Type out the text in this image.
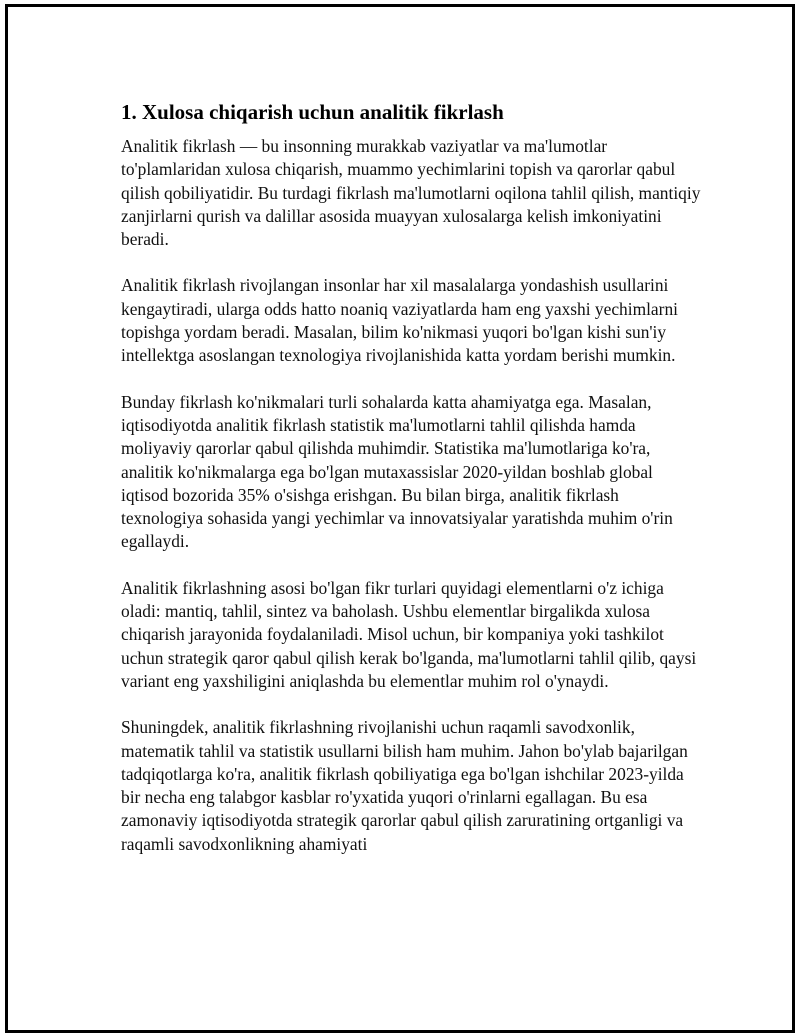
1. Xulosa chiqarish uchun analitik fikrlash

Analitik fikrlash — bu insonning murakkab vaziyatlar va ma'lumotlar to'plamlaridan xulosa chiqarish, muammo yechimlarini topish va qarorlar qabul qilish qobiliyatidir. Bu turdagi fikrlash ma'lumotlarni oqilona tahlil qilish, mantiqiy zanjirlarni qurish va dalillar asosida muayyan xulosalarga kelish imkoniyatini beradi.

Analitik fikrlash rivojlangan insonlar har xil masalalarga yondashish usullarini kengaytiradi, ularga odds hatto noaniq vaziyatlarda ham eng yaxshi yechimlarni topishga yordam beradi. Masalan, bilim ko'nikmasi yuqori bo'lgan kishi sun'iy intellektga asoslangan texnologiya rivojlanishida katta yordam berishi mumkin.

Bunday fikrlash ko'nikmalari turli sohalarda katta ahamiyatga ega. Masalan, iqtisodiyotda analitik fikrlash statistik ma'lumotlarni tahlil qilishda hamda moliyaviy qarorlar qabul qilishda muhimdir. Statistika ma'lumotlariga ko'ra, analitik ko'nikmalarga ega bo'lgan mutaxassislar 2020-yildan boshlab global iqtisod bozorida 35% o'sishga erishgan. Bu bilan birga, analitik fikrlash texnologiya sohasida yangi yechimlar va innovatsiyalar yaratishda muhim o'rin egallaydi.

Analitik fikrlashning asosi bo'lgan fikr turlari quyidagi elementlarni o'z ichiga oladi: mantiq, tahlil, sintez va baholash. Ushbu elementlar birgalikda xulosa chiqarish jarayonida foydalaniladi. Misol uchun, bir kompaniya yoki tashkilot uchun strategik qaror qabul qilish kerak bo'lganda, ma'lumotlarni tahlil qilib, qaysi variant eng yaxshiligini aniqlashda bu elementlar muhim rol o'ynaydi.

Shuningdek, analitik fikrlashning rivojlanishi uchun raqamli savodxonlik, matematik tahlil va statistik usullarni bilish ham muhim. Jahon bo'ylab bajarilgan tadqiqotlarga ko'ra, analitik fikrlash qobiliyatiga ega bo'lgan ishchilar 2023-yilda bir necha eng talabgor kasblar ro'yxatida yuqori o'rinlarni egallagan. Bu esa zamonaviy iqtisodiyotda strategik qarorlar qabul qilish zaruratining ortganligi va raqamli savodxonlikning ahamiyati
